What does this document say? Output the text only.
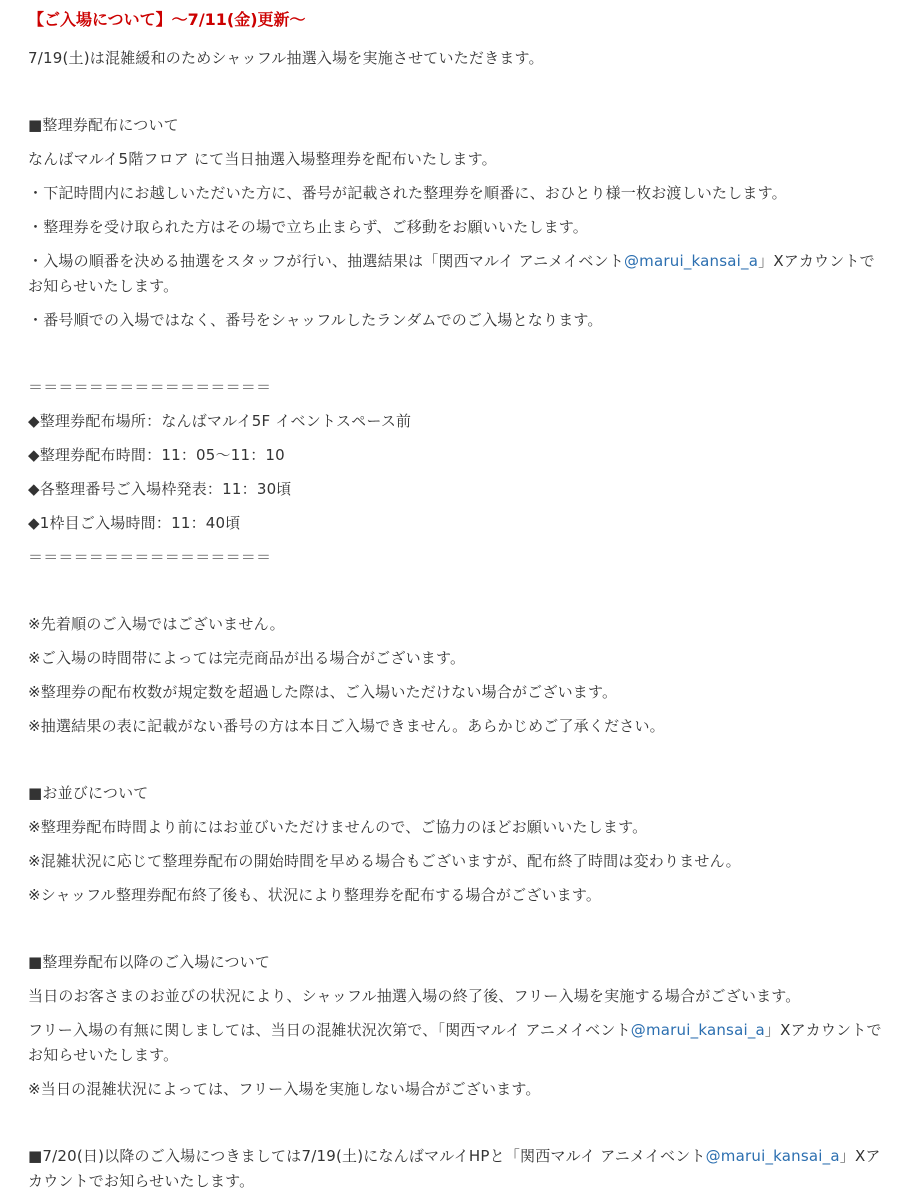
【ご入場について】〜7/11(金)更新〜
7/19(土)は混雑緩和のためシャッフル抽選入場を実施させていただきます。
■整理券配布について
なんばマルイ5階フロア にて当日抽選入場整理券を配布いたします。
・下記時間内にお越しいただいた方に、番号が記載された整理券を順番に、おひとり様一枚お渡しいたします。
・整理券を受け取られた方はその場で立ち止まらず、ご移動をお願いいたします。
・入場の順番を決める抽選をスタッフが行い、抽選結果は「関西マルイ アニメイベント@marui_kansai_a」Xアカウントでお知らせいたします。
・番号順での入場ではなく、番号をシャッフルしたランダムでのご入場となります。
＝＝＝＝＝＝＝＝＝＝＝＝＝＝＝＝
◆整理券配布場所：なんばマルイ5F イベントスペース前
◆整理券配布時間：11：05〜11：10
◆各整理番号ご入場枠発表：11：30頃
◆1枠目ご入場時間：11：40頃
＝＝＝＝＝＝＝＝＝＝＝＝＝＝＝＝
※先着順のご入場ではございません。
※ご入場の時間帯によっては完売商品が出る場合がございます。
※整理券の配布枚数が規定数を超過した際は、ご入場いただけない場合がございます。
※抽選結果の表に記載がない番号の方は本日ご入場できません。あらかじめご了承ください。
■お並びについて
※整理券配布時間より前にはお並びいただけませんので、ご協力のほどお願いいたします。
※混雑状況に応じて整理券配布の開始時間を早める場合もございますが、配布終了時間は変わりません。
※シャッフル整理券配布終了後も、状況により整理券を配布する場合がございます。
■整理券配布以降のご入場について
当日のお客さまのお並びの状況により、シャッフル抽選入場の終了後、フリー入場を実施する場合がございます。
フリー入場の有無に関しましては、当日の混雑状況次第で、「関西マルイ アニメイベント@marui_kansai_a」Xアカウントでお知らせいたします。
※当日の混雑状況によっては、フリー入場を実施しない場合がございます。
■7/20(日)以降のご入場につきましては7/19(土)になんばマルイHPと「関西マルイ アニメイベント@marui_kansai_a」Xアカウントでお知らせいたします。
